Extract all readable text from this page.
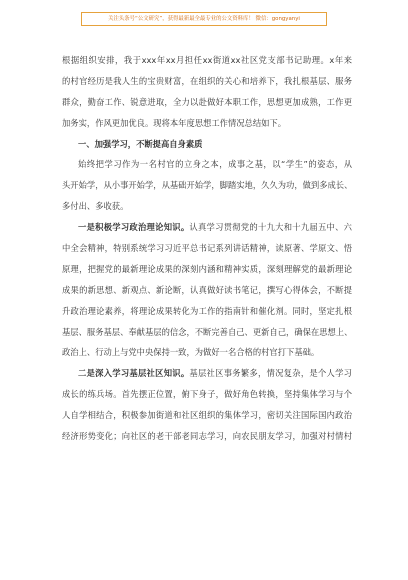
关注头条号“公文研究”，获得最新最全最专业的公文资料库！ 微信：gongyanyi
根据组织安排，我于xxx年xx月担任xx街道xx社区党支部书记助理。x年来
的村官经历是我人生的宝贵财富，在组织的关心和培养下，我扎根基层、服务
群众，勤奋工作、锐意进取，全力以赴做好本职工作，思想更加成熟，工作更
加务实，作风更加优良。现将本年度思想工作情况总结如下。
一、加强学习，不断提高自身素质
始终把学习作为一名村官的立身之本，成事之基，以“学生”的姿态，从
头开始学，从小事开始学，从基础开始学，脚踏实地，久久为功，做到多成长、
多付出、多收获。
一是积极学习政治理论知识。认真学习贯彻党的十九大和十九届五中、六
中全会精神，特别系统学习习近平总书记系列讲话精神，读原著、学原文、悟
原理，把握党的最新理论成果的深刻内涵和精神实质，深刻理解党的最新理论
成果的新思想、新观点、新论断，认真做好读书笔记，撰写心得体会，不断提
升政治理论素养，将理论成果转化为工作的指南针和催化剂。同时，坚定扎根
基层、服务基层、奉献基层的信念，不断完善自己、更新自己，确保在思想上、
政治上、行动上与党中央保持一致，为做好一名合格的村官打下基础。
二是深入学习基层社区知识。基层社区事务繁多，情况复杂，是个人学习
成长的练兵场。首先摆正位置，俯下身子，做好角色转换，坚持集体学习与个
人自学相结合，积极参加街道和社区组织的集体学习，密切关注国际国内政治
经济形势变化；向社区的老干部老同志学习，向农民朋友学习，加强对村情村
